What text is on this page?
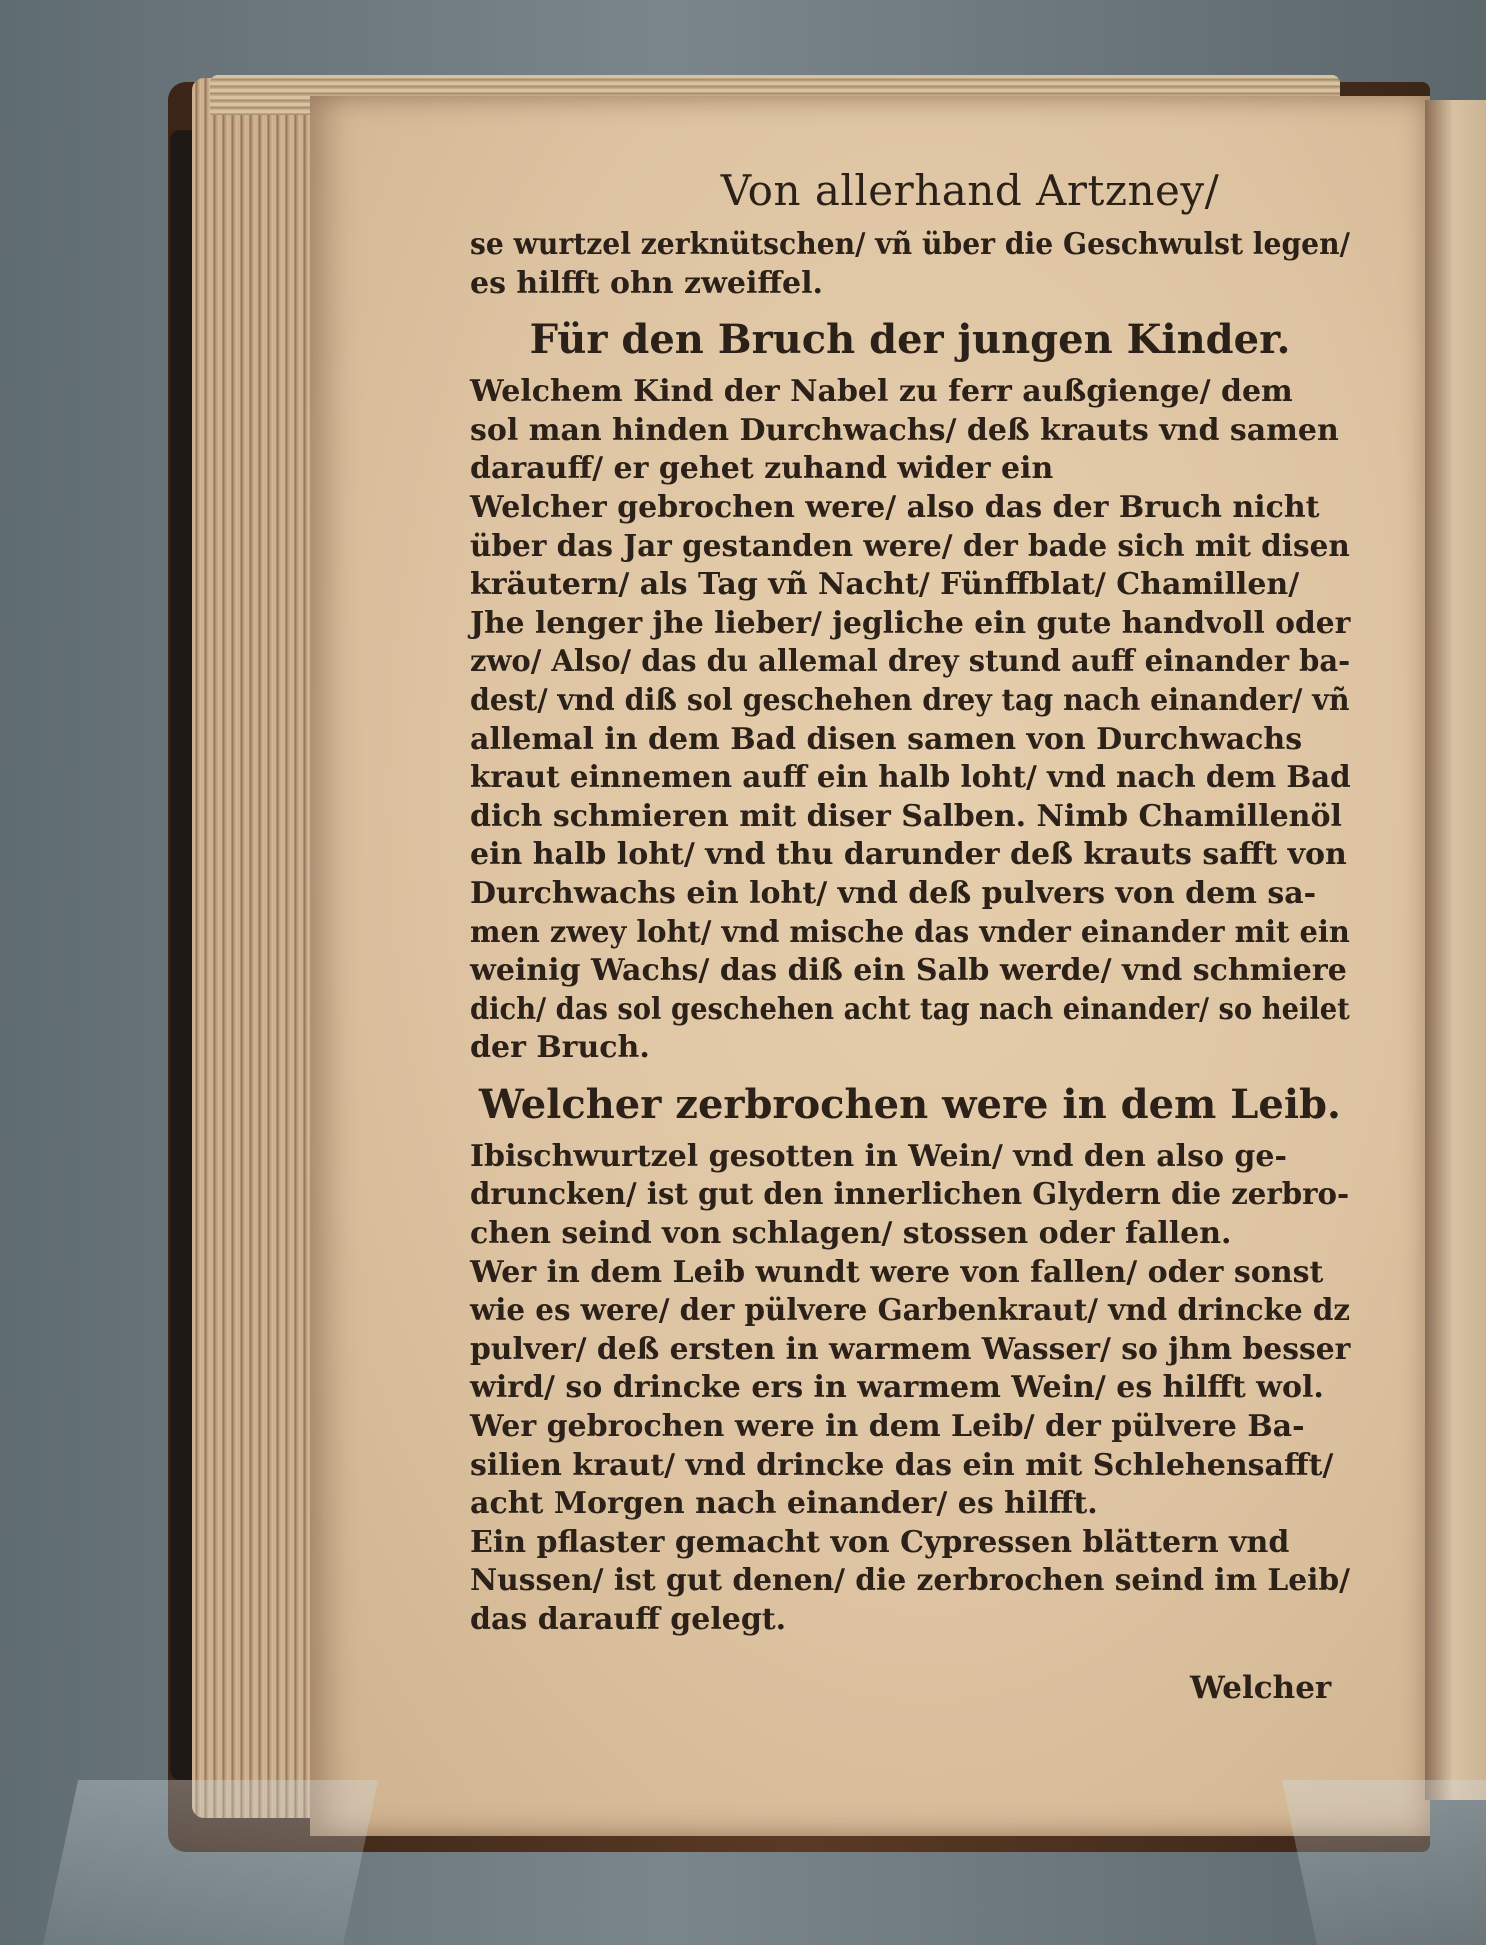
Von allerhand Artzney/
se wurtzel zerknütschen/ vñ über die Geschwulst legen/
es hilfft ohn zweiffel.
Für den Bruch der jungen Kinder.
Welchem Kind der Nabel zu ferr außgienge/ dem
sol man hinden Durchwachs/ deß krauts vnd samen
darauff/ er gehet zuhand wider ein
Welcher gebrochen were/ also das der Bruch nicht
über das Jar gestanden were/ der bade sich mit disen
kräutern/ als Tag vñ Nacht/ Fünffblat/ Chamillen/
Jhe lenger jhe lieber/ jegliche ein gute handvoll oder
zwo/ Also/ das du allemal drey stund auff einander ba-
dest/ vnd diß sol geschehen drey tag nach einander/ vñ
allemal in dem Bad disen samen von Durchwachs
kraut einnemen auff ein halb loht/ vnd nach dem Bad
dich schmieren mit diser Salben. Nimb Chamillenöl
ein halb loht/ vnd thu darunder deß krauts safft von
Durchwachs ein loht/ vnd deß pulvers von dem sa-
men zwey loht/ vnd mische das vnder einander mit ein
weinig Wachs/ das diß ein Salb werde/ vnd schmiere
dich/ das sol geschehen acht tag nach einander/ so heilet
der Bruch.
Welcher zerbrochen were in dem Leib.
Ibischwurtzel gesotten in Wein/ vnd den also ge-
druncken/ ist gut den innerlichen Glydern die zerbro-
chen seind von schlagen/ stossen oder fallen.
Wer in dem Leib wundt were von fallen/ oder sonst
wie es were/ der pülvere Garbenkraut/ vnd drincke dz
pulver/ deß ersten in warmem Wasser/ so jhm besser
wird/ so drincke ers in warmem Wein/ es hilfft wol.
Wer gebrochen were in dem Leib/ der pülvere Ba-
silien kraut/ vnd drincke das ein mit Schlehensafft/
acht Morgen nach einander/ es hilfft.
Ein pflaster gemacht von Cypressen blättern vnd
Nussen/ ist gut denen/ die zerbrochen seind im Leib/
das darauff gelegt.
Welcher
